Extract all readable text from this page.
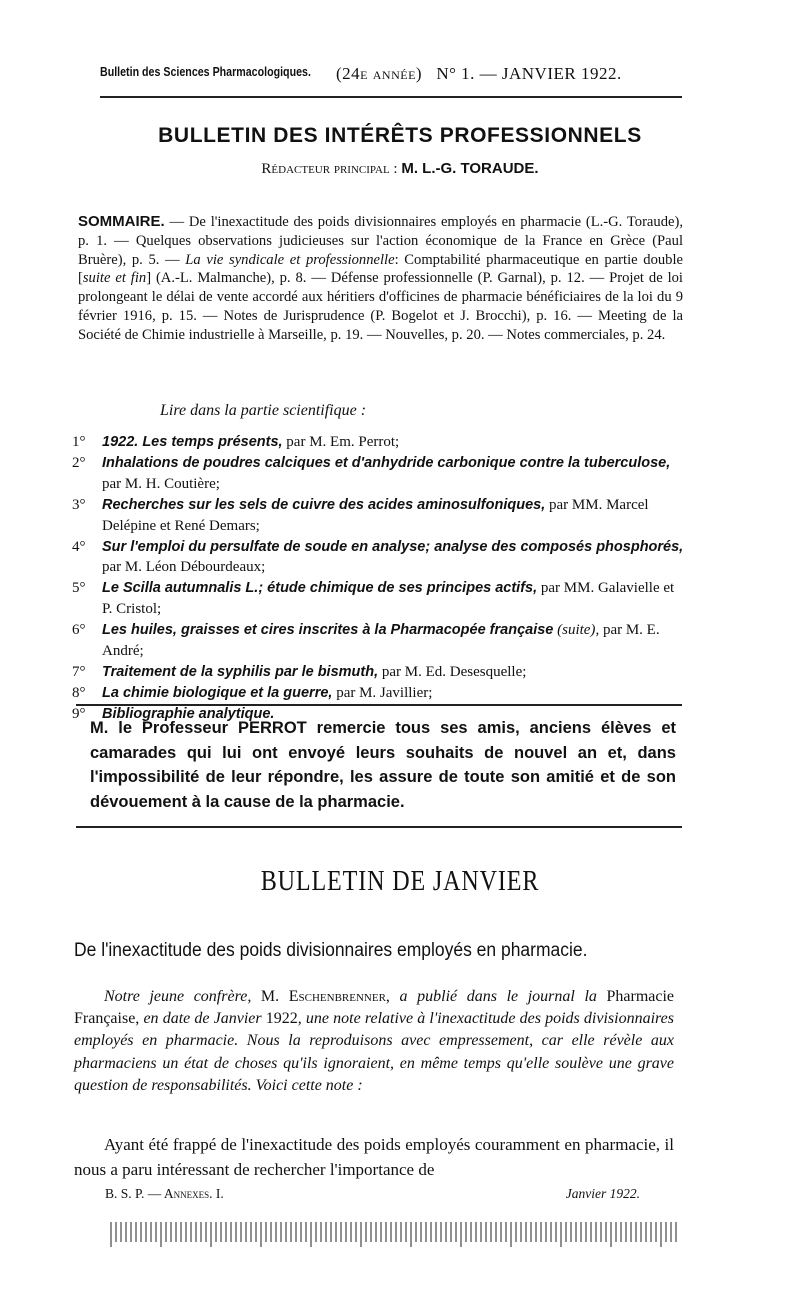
Bulletin des Sciences Pharmacologiques. (24e année) N° 1. — JANVIER 1922.
BULLETIN DES INTÉRÊTS PROFESSIONNELS
Rédacteur principal : M. L.-G. TORAUDE.
SOMMAIRE. — De l'inexactitude des poids divisionnaires employés en pharmacie (L.-G. Toraude), p. 1. — Quelques observations judicieuses sur l'action économique de la France en Grèce (Paul Bruère), p. 5. — La vie syndicale et professionnelle: Comptabilité pharmaceutique en partie double [suite et fin] (A.-L. Malmanche), p. 8. — Défense professionnelle (P. Garnal), p. 12. — Projet de loi prolongeant le délai de vente accordé aux héritiers d'officines de pharmacie bénéficiaires de la loi du 9 février 1916, p. 15. — Notes de Jurisprudence (P. Bogelot et J. Brocchi), p. 16. — Meeting de la Société de Chimie industrielle à Marseille, p. 19. — Nouvelles, p. 20. — Notes commerciales, p. 24.
Lire dans la partie scientifique :
1° 1922. Les temps présents, par M. Em. Perrot;
2° Inhalations de poudres calciques et d'anhydride carbonique contre la tuberculose, par M. H. Coutière;
3° Recherches sur les sels de cuivre des acides aminosulfoniques, par MM. Marcel Delépine et René Demars;
4° Sur l'emploi du persulfate de soude en analyse; analyse des composés phosphorés, par M. Léon Débourdeaux;
5° Le Scilla autumnalis L.; étude chimique de ses principes actifs, par MM. Galavielle et P. Cristol;
6° Les huiles, graisses et cires inscrites à la Pharmacopée française (suite), par M. E. André;
7° Traitement de la syphilis par le bismuth, par M. Ed. Desesquelle;
8° La chimie biologique et la guerre, par M. Javillier;
9° Bibliographie analytique.
M. le Professeur PERROT remercie tous ses amis, anciens élèves et camarades qui lui ont envoyé leurs souhaits de nouvel an et, dans l'impossibilité de leur répondre, les assure de toute son amitié et de son dévouement à la cause de la pharmacie.
BULLETIN DE JANVIER
De l'inexactitude des poids divisionnaires employés en pharmacie.
Notre jeune confrère, M. Eschenbrenner, a publié dans le journal la Pharmacie Française, en date de Janvier 1922, une note relative à l'inexactitude des poids divisionnaires employés en pharmacie. Nous la reproduisons avec empressement, car elle révèle aux pharmaciens un état de choses qu'ils ignoraient, en même temps qu'elle soulève une grave question de responsabilités. Voici cette note :
Ayant été frappé de l'inexactitude des poids employés couramment en pharmacie, il nous a paru intéressant de rechercher l'importance de
B. S. P. — Annexes. I.	Janvier 1922.
